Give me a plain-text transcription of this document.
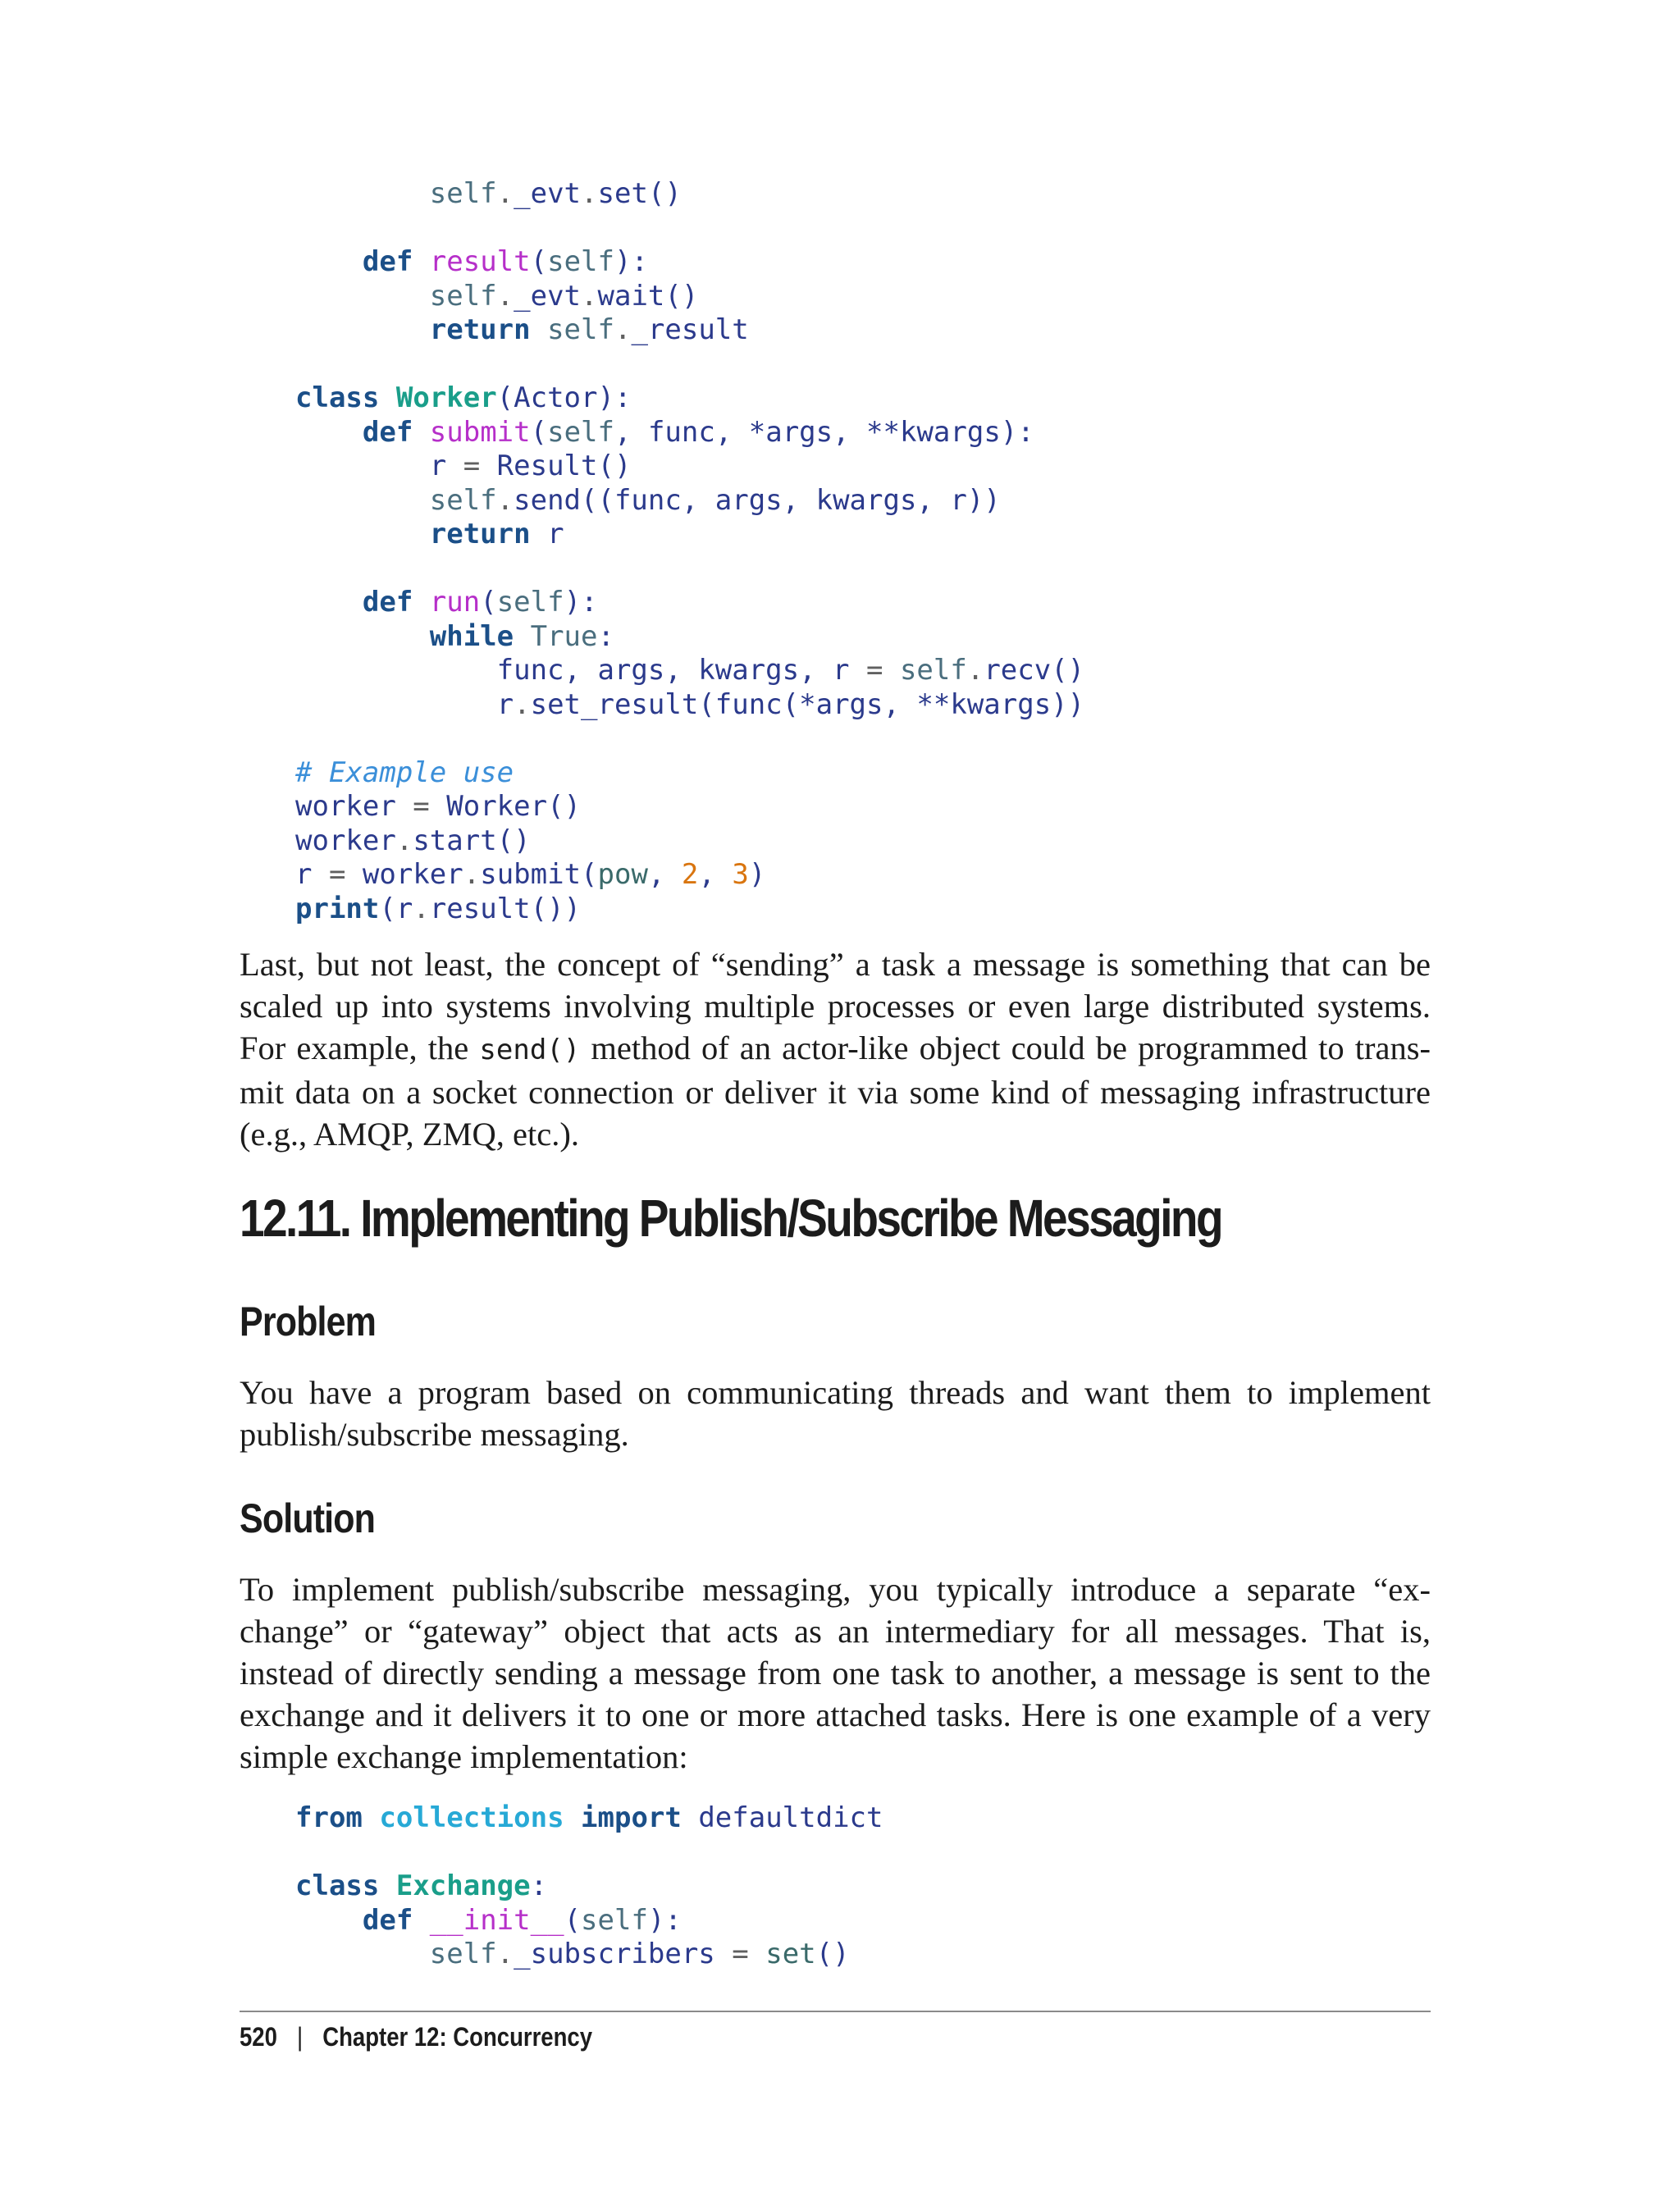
self._evt.set()

def result(self):
self._evt.wait()
return self._result

class Worker(Actor):
def submit(self, func, *args, **kwargs):
r = Result()
self.send((func, args, kwargs, r))
return r

def run(self):
while True:
func, args, kwargs, r = self.recv()
r.set_result(func(*args, **kwargs))

# Example use
worker = Worker()
worker.start()
r = worker.submit(pow, 2, 3)
print(r.result())

Last, but not least, the concept of “sending” a task a message is something that can be scaled up into systems involving multiple processes or even large distributed systems. For example, the send() method of an actor-like object could be programmed to transmit data on a socket connection or deliver it via some kind of messaging infrastructure (e.g., AMQP, ZMQ, etc.).

12.11. Implementing Publish/Subscribe Messaging
Problem

You have a program based on communicating threads and want them to implement publish/subscribe messaging.

Solution

To implement publish/subscribe messaging, you typically introduce a separate “exchange” or “gateway” object that acts as an intermediary for all messages. That is, instead of directly sending a message from one task to another, a message is sent to the exchange and it delivers it to one or more attached tasks. Here is one example of a very simple exchange implementation:

from collections import defaultdict

class Exchange:
def __init__(self):
self._subscribers = set()
520 | Chapter 12: Concurrency
